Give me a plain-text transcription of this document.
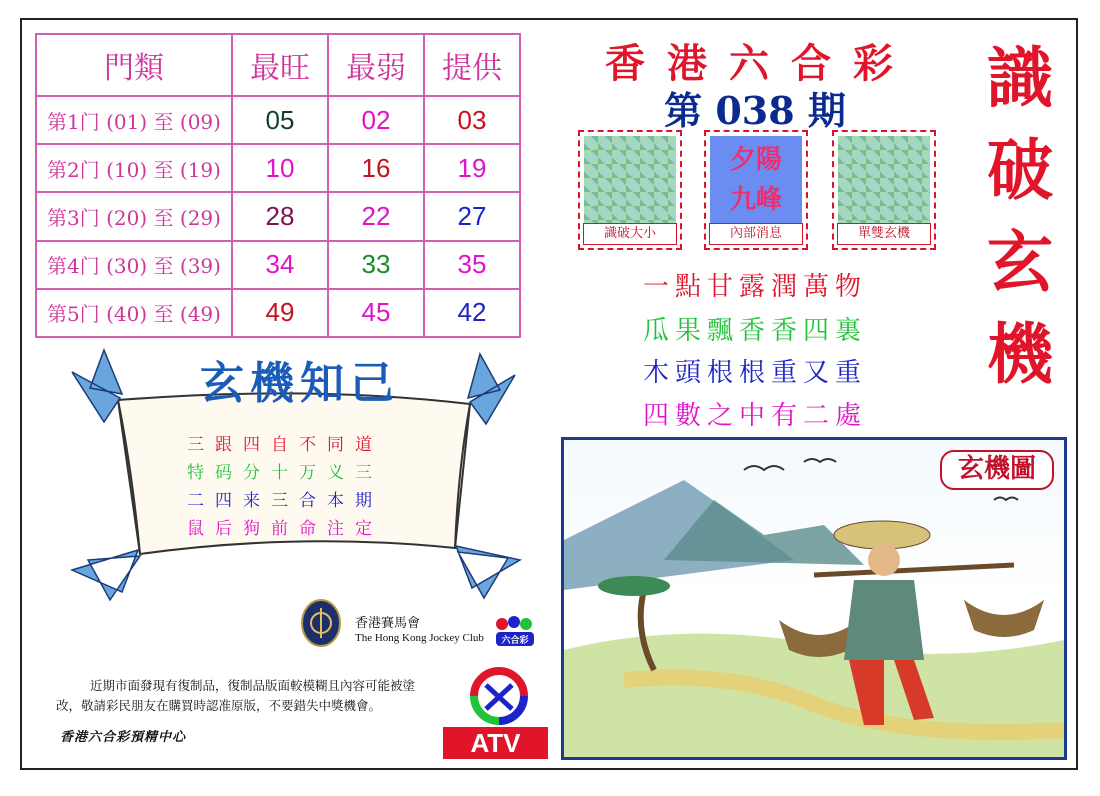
門類	最旺	最弱	提供
第1门 (01) 至 (09)	05	02	03
第2门 (10) 至 (19)	10	16	19
第3门 (20) 至 (29)	28	22	27
第4门 (30) 至 (39)	34	33	35
第5门 (40) 至 (49)	49	45	42
香港六合彩
第 038 期	識
破
玄
機
識破大小
夕陽
九峰
內部消息	單雙玄機
一點甘露潤萬物
瓜果飄香香四裏
木頭根根重又重
四數之中有二處
玄機知己
三跟四自不同道
特码分十万义三
二四来三合本期
鼠后狗前命注定
香港賽馬會
The Hong Kong Jockey Club	六合彩
近期市面發現有復制品，復制品版面較模糊且內容可能被塗改，敬請彩民朋友在購買時認准原版，不要錯失中獎機會。
香港六合彩預精中心	ATV
玄機圖
